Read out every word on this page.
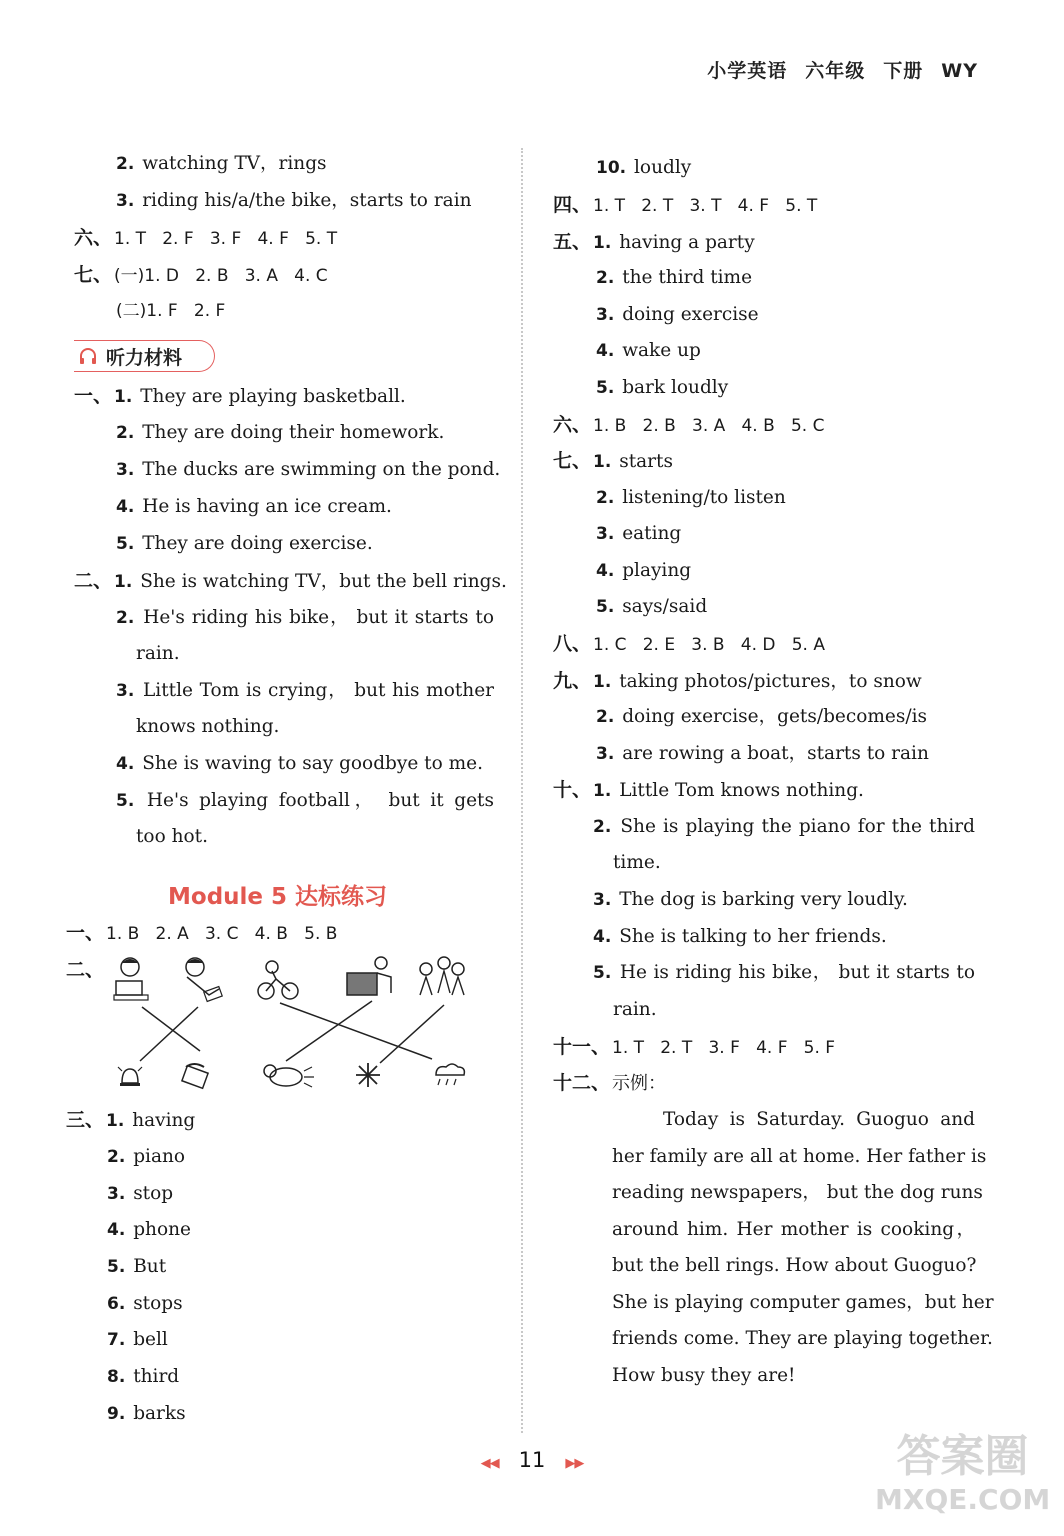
小学英语 六年级 下册 WY
2. watching TV，rings
3. riding his/a/the bike，starts to rain
六、 1. T   2. F   3. F   4. F   5. T
七、 (一)1. D   2. B   3. A   4. C
(二)1. F   2. F
听力材料
一、 1. They are playing basketball.
2. They are doing their homework.
3. The ducks are swimming on the pond.
4. He is having an ice cream.
5. They are doing exercise.
二、 1. She is watching TV，but the bell rings.
2. He's riding his bike， but it starts to
rain.
3. Little Tom is crying， but his mother
knows nothing.
4. She is waving to say goodbye to me.
5. He's playing football， but it gets
too hot.
Module 5 达标练习
一、 1. B   2. A   3. C   4. B   5. B
二、
三、 1. having
2. piano
3. stop
4. phone
5. But
6. stops
7. bell
8. third
9. barks
10. loudly
四、 1. T   2. T   3. T   4. F   5. T
五、 1. having a party
2. the third time
3. doing exercise
4. wake up
5. bark loudly
六、 1. B   2. B   3. A   4. B   5. C
七、 1. starts
2. listening/to listen
3. eating
4. playing
5. says/said
八、 1. C   2. E   3. B   4. D   5. A
九、 1. taking photos/pictures，to snow
2. doing exercise，gets/becomes/is
3. are rowing a boat，starts to rain
十、 1. Little Tom knows nothing.
2. She is playing the piano for the third
time.
3. The dog is barking very loudly.
4. She is talking to her friends.
5. He is riding his bike， but it starts to
rain.
十一、 1. T   2. T   3. F   4. F   5. F
十二、 示例：
Today is Saturday. Guoguo and
her family are all at home. Her father is
reading newspapers， but the dog runs
around him. Her mother is cooking，
but the bell rings. How about Guoguo?
She is playing computer games，but her
friends come. They are playing together.
How busy they are!
◀◀ 11 ▶▶	答案圈
MXQE.COM
